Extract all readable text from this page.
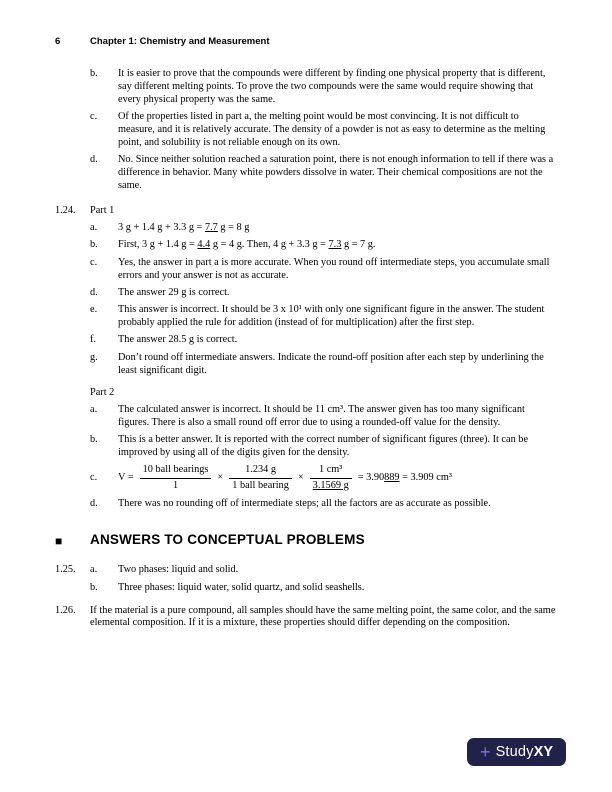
6	Chapter 1: Chemistry and Measurement
b.	It is easier to prove that the compounds were different by finding one physical property that is different, say different melting points. To prove the two compounds were the same would require showing that every physical property was the same.
c.	Of the properties listed in part a, the melting point would be most convincing. It is not difficult to measure, and it is relatively accurate. The density of a powder is not as easy to determine as the melting point, and solubility is not reliable enough on its own.
d.	No. Since neither solution reached a saturation point, there is not enough information to tell if there was a difference in behavior. Many white powders dissolve in water. Their chemical compositions are not the same.
1.24.	Part 1
a.	3 g + 1.4 g + 3.3 g = 7.7 g = 8 g
b.	First, 3 g + 1.4 g = 4.4 g = 4 g. Then, 4 g + 3.3 g = 7.3 g = 7 g.
c.	Yes, the answer in part a is more accurate. When you round off intermediate steps, you accumulate small errors and your answer is not as accurate.
d.	The answer 29 g is correct.
e.	This answer is incorrect. It should be 3 x 10¹ with only one significant figure in the answer. The student probably applied the rule for addition (instead of for multiplication) after the first step.
f.	The answer 28.5 g is correct.
g.	Don’t round off intermediate answers. Indicate the round-off position after each step by underlining the least significant digit.
Part 2
a.	The calculated answer is incorrect. It should be 11 cm³. The answer given has too many significant figures. There is also a small round off error due to using a rounded-off value for the density.
b.	This is a better answer. It is reported with the correct number of significant figures (three). It can be improved by using all of the digits given for the density.
c.	$V = \frac{\text{10 ball bearings}}{1} \times \frac{1.234 g}{\text{1 ball bearing}} \times \frac{\text{1 cm³}}{3.1569 g} = 3.90889 = 3.909$ cm³
d.	There was no rounding off of intermediate steps; all the factors are as accurate as possible.
■	ANSWERS TO CONCEPTUAL PROBLEMS
1.25.	a.	Two phases: liquid and solid.
b.	Three phases: liquid water, solid quartz, and solid seashells.
1.26.	If the material is a pure compound, all samples should have the same melting point, the same color, and the same elemental composition. If it is a mixture, these properties should differ depending on the composition.
+ Study XY
